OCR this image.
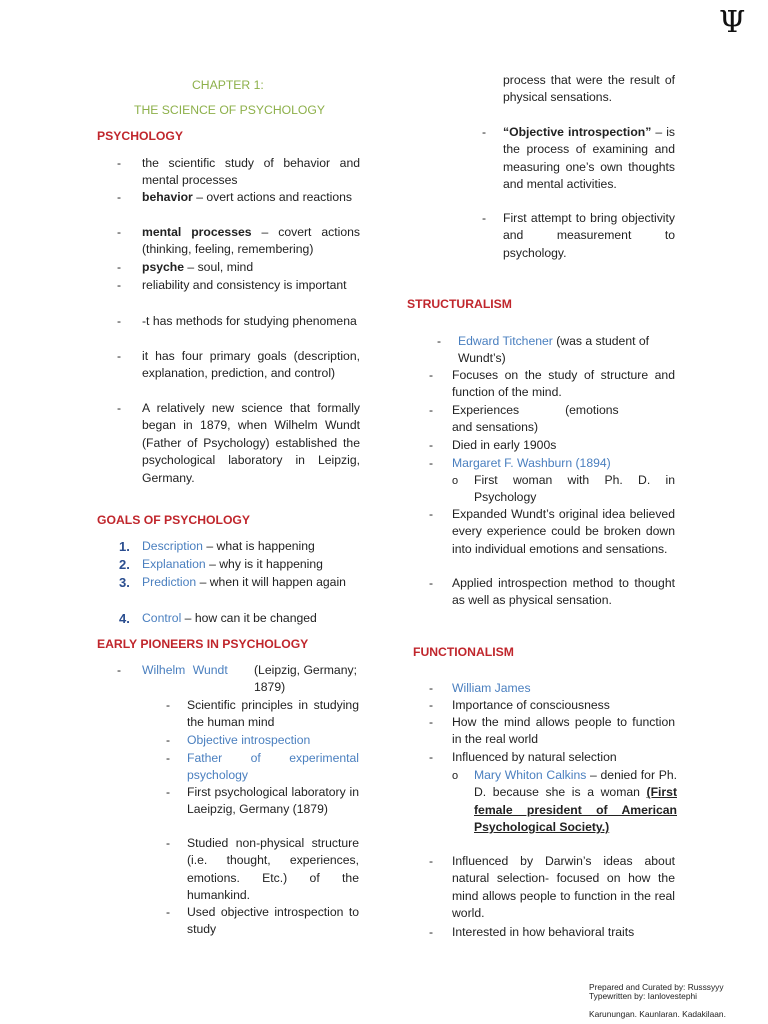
Ψ
CHAPTER 1:
THE SCIENCE OF PSYCHOLOGY
PSYCHOLOGY
- the scientific study of behavior and mental processes
- behavior – overt actions and reactions
- mental processes – covert actions (thinking, feeling, remembering)
- psyche – soul, mind
- reliability and consistency is important
- -t has methods for studying phenomena
- it has four primary goals (description, explanation, prediction, and control)
- A relatively new science that formally began in 1879, when Wilhelm Wundt (Father of Psychology) established the psychological laboratory in Leipzig, Germany.
GOALS OF PSYCHOLOGY
1. Description – what is happening
2. Explanation – why is it happening
3. Prediction – when it will happen again
4. Control – how can it be changed
EARLY PIONEERS IN PSYCHOLOGY
- Wilhelm Wundt	(Leipzig, Germany; 1879)
- Scientific principles in studying the human mind
- Objective introspection
- Father of experimental psychology
- First psychological laboratory in Laeipzig, Germany (1879)
- Studied non-physical structure (i.e. thought, experiences, emotions. Etc.) of the humankind.
- Used objective introspection to study
process that were the result of physical sensations.
- “Objective introspection” – is the process of examining and measuring one’s own thoughts and mental activities.
- First attempt to bring objectivity and measurement to psychology.
STRUCTURALISM
- Edward Titchener (was a student of Wundt’s)
- Focuses on the study of structure and function of the mind.
- Experiences	(emotions
and sensations)
- Died in early 1900s
- Margaret F. Washburn (1894)
o First woman with Ph. D. in Psychology
- Expanded Wundt’s original idea believed every experience could be broken down into individual emotions and sensations.
- Applied introspection method to thought as well as physical sensation.
FUNCTIONALISM
- William James
- Importance of consciousness
- How the mind allows people to function in the real world
- Influenced by natural selection
o Mary Whiton Calkins – denied for Ph. D. because she is a woman (First female president of American Psychological Society.)
- Influenced by Darwin’s ideas about natural selection- focused on how the mind allows people to function in the real world.
- Interested in how behavioral traits
Prepared and Curated by: Russsyyy
Typewritten by: Ianlovestephi
Karunungan. Kaunlaran. Kadakilaan.
